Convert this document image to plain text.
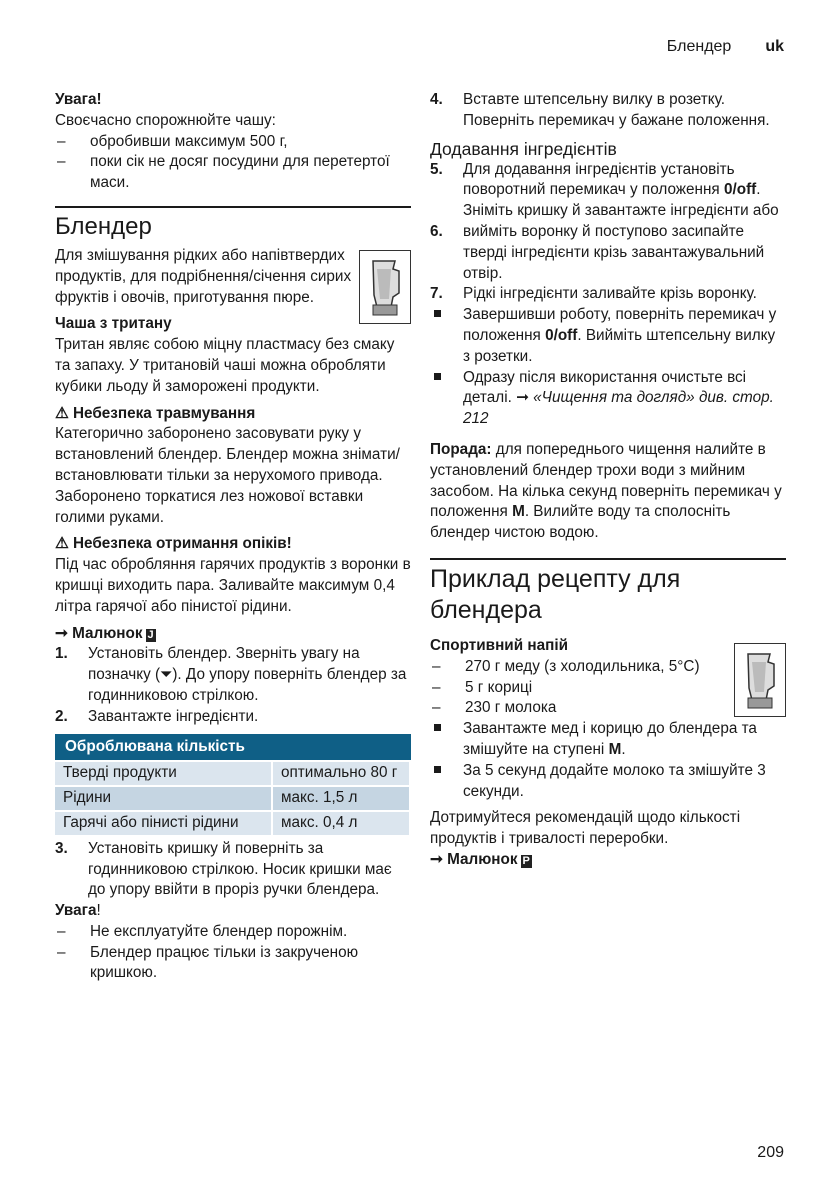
Блендер uk

Увага!

Своєчасно спорожнюйте чашу:

–	обробивши максимум 500 г,
–	поки сік не досяг посудини для перетертої маси.
Блендер

Для змішування рідких або напівтвердих продуктів, для подрібнення/січення сирих фруктів і овочів, приготування пюре.

Чаша з тритану

Тритан являє собою міцну пластмасу без смаку та запаху. У тритановій чаші можна обробляти кубики льоду й заморожені продукти.

⚠ Небезпека травмування

Категорично заборонено засовувати руку у встановлений блендер. Блендер можна знімати/встановлювати тільки за нерухомого привода. Заборонено торкатися лез ножової вставки голими руками.

⚠ Небезпека отримання опіків!

Під час обробляння гарячих продуктів з воронки в кришці виходить пара. Заливайте максимум 0,4 літра гарячої або пінистої рідини.

➞ Малюнок J

1.	Установіть блендер. Зверніть увагу на позначку (⏷). До упору поверніть блендер за годинниковою стрілкою.
2.	Завантажте інгредієнти.
Оброблювана кількість
Тверді продукти	оптимально 80 г
Рідини	макс. 1,5 л
Гарячі або пінисті рідини	макс. 0,4 л
3.	Установіть кришку й поверніть за годинниковою стрілкою. Носик кришки має до упору ввійти в проріз ручки блендера.

Увага!

–	Не експлуатуйте блендер порожнім.
–	Блендер працює тільки із закрученою кришкою.
4.	Вставте штепсельну вилку в розетку. Поверніть перемикач у бажане положення.
Додавання інгредієнтів
5.	Для додавання інгредієнтів установіть поворотний перемикач у положення 0/off. Зніміть кришку й завантажте інгредієнти або
6.	вийміть воронку й поступово засипайте тверді інгредієнти крізь завантажувальний отвір.
7.	Рідкі інгредієнти заливайте крізь воронку.
Завершивши роботу, поверніть перемикач у положення 0/off. Вийміть штепсельну вилку з розетки.
Одразу після використання очистьте всі деталі. ➞ «Чищення та догляд» див. стор. 212

Порада: для попереднього чищення налийте в установлений блендер трохи води з мийним засобом. На кілька секунд поверніть перемикач у положення M. Вилийте воду та сполосніть блендер чистою водою.

Приклад рецепту для блендера

Спортивний напій

–	270 г меду (з холодильника, 5°C)
–	5 г кориці
–	230 г молока
Завантажте мед і корицю до блендера та змішуйте на ступені M.
За 5 секунд додайте молоко та змішуйте 3 секунди.

Дотримуйтеся рекомендацій щодо кількості продуктів і тривалості переробки.

➞ Малюнок P

209
